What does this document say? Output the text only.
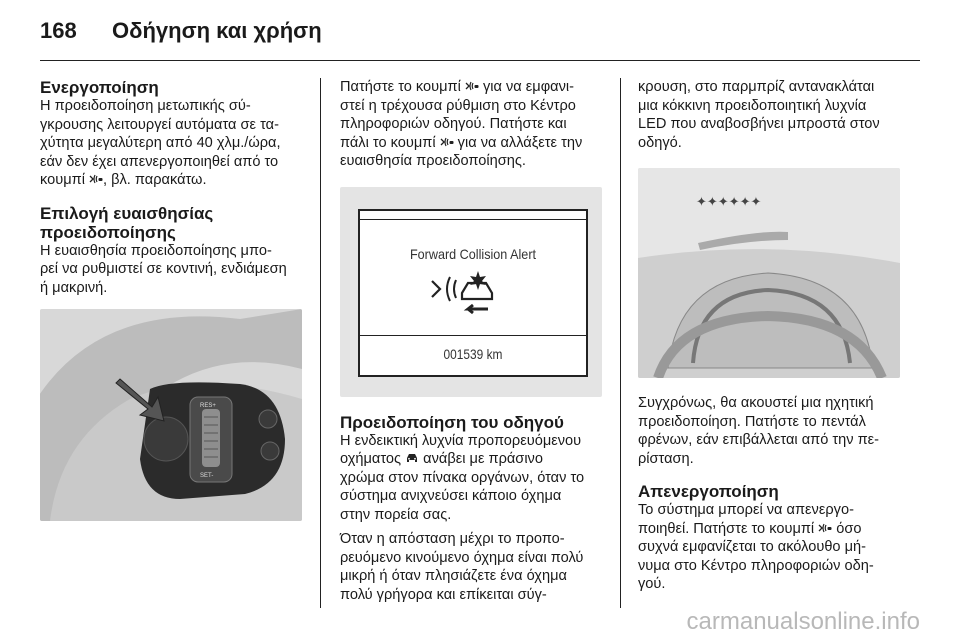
168 Οδήγηση και χρήση
Ενεργοποίηση

Η προειδοποίηση μετωπικής σύ-
γκρουσης λειτουργεί αυτόματα σε τα-
χύτητα μεγαλύτερη από 40 χλμ./ώρα,
εάν δεν έχει απενεργοποιηθεί από το
κουμπί , βλ. παρακάτω.

Επιλογή ευαισθησίας
προειδοποίησης

Η ευαισθησία προειδοποίησης μπο-
ρεί να ρυθμιστεί σε κοντινή, ενδιάμεση
ή μακρινή.

RES+
SET-

Πατήστε το κουμπί  για να εμφανι-
στεί η τρέχουσα ρύθμιση στο Κέντρο
πληροφοριών οδηγού. Πατήστε και
πάλι το κουμπί  για να αλλάξετε την
ευαισθησία προειδοποίησης.

Forward Collision Alert
001539 km
Προειδοποίηση του οδηγού

Η ενδεικτική λυχνία προπορευόμενου
οχήματος  ανάβει με πράσινο
χρώμα στον πίνακα οργάνων, όταν το
σύστημα ανιχνεύσει κάποιο όχημα
στην πορεία σας.

Όταν η απόσταση μέχρι το προπο-
ρευόμενο κινούμενο όχημα είναι πολύ
μικρή ή όταν πλησιάζετε ένα όχημα
πολύ γρήγορα και επίκειται σύγ-

κρουση, στο παρμπρίζ αντανακλάται
μια κόκκινη προειδοποιητική λυχνία
LED που αναβοσβήνει μπροστά στον
οδηγό.

✦✦✦✦✦✦

Συγχρόνως, θα ακουστεί μια ηχητική
προειδοποίηση. Πατήστε το πεντάλ
φρένων, εάν επιβάλλεται από την πε-
ρίσταση.

Απενεργοποίηση

Το σύστημα μπορεί να απενεργο-
ποιηθεί. Πατήστε το κουμπί  όσο
συχνά εμφανίζεται το ακόλουθο μή-
νυμα στο Κέντρο πληροφοριών οδη-
γού.

carmanualsonline.info
